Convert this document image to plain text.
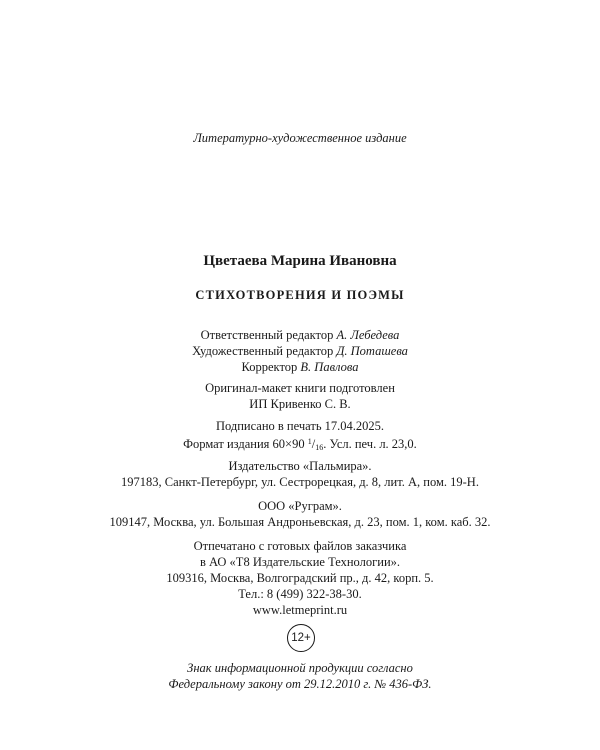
Литературно-художественное издание
Цветаева Марина Ивановна
СТИХОТВОРЕНИЯ И ПОЭМЫ
Ответственный редактор А. Лебедева
Художественный редактор Д. Поташева
Корректор В. Павлова
Оригинал-макет книги подготовлен
ИП Кривенко С. В.
Подписано в печать 17.04.2025.
Формат издания 60×90 $^1/_{16}$. Усл. печ. л. 23,0.
Издательство «Пальмира».
197183, Санкт-Петербург, ул. Сестрорецкая, д. 8, лит. А, пом. 19-Н.
ООО «Руграм».
109147, Москва, ул. Большая Андроньевская, д. 23, пом. 1, ком. каб. 32.
Отпечатано с готовых файлов заказчика
в АО «Т8 Издательские Технологии».
109316, Москва, Волгоградский пр., д. 42, корп. 5.
Тел.: 8 (499) 322-38-30.
www.letmeprint.ru
12+
Знак информационной продукции согласно
Федеральному закону от 29.12.2010 г. № 436-ФЗ.
